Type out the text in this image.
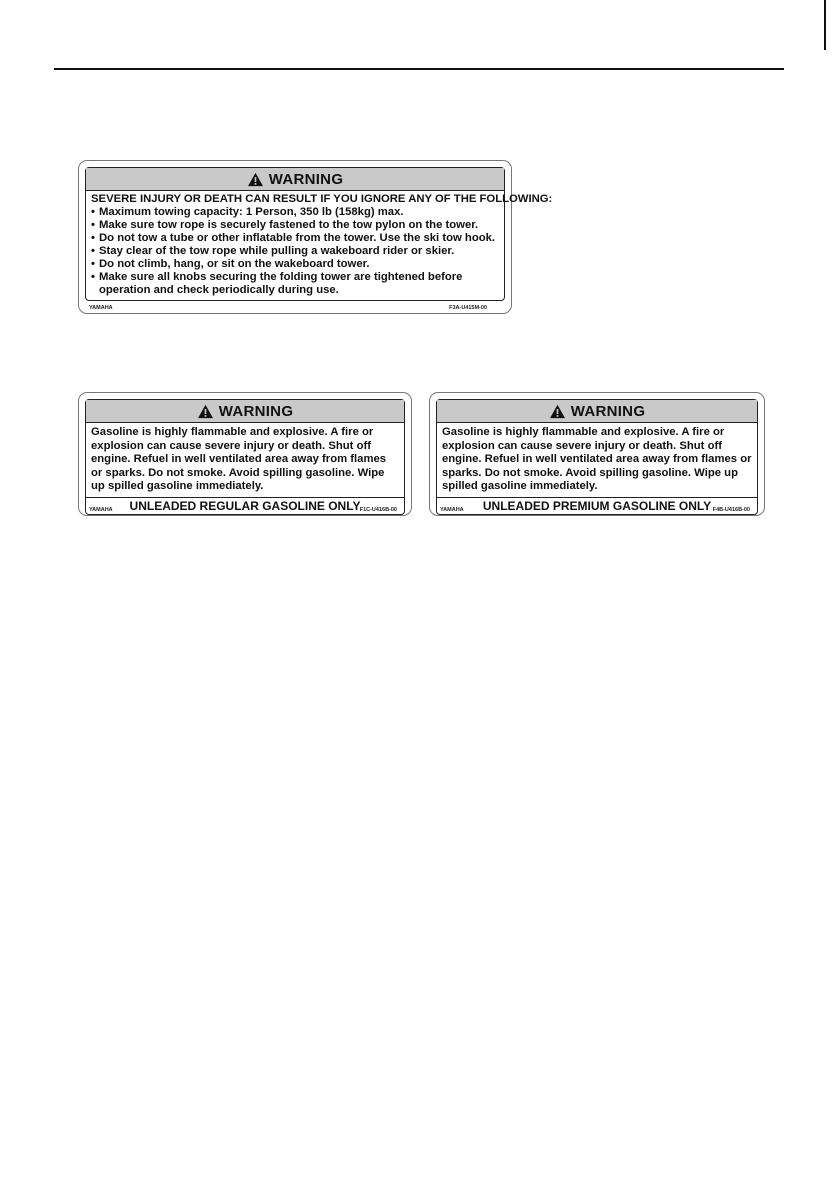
WARNING
SEVERE INJURY OR DEATH CAN RESULT IF YOU IGNORE ANY OF THE FOLLOWING:
• Maximum towing capacity: 1 Person, 350 lb (158kg) max.
• Make sure tow rope is securely fastened to the tow pylon on the tower.
• Do not tow a tube or other inflatable from the tower. Use the ski tow hook.
• Stay clear of the tow rope while pulling a wakeboard rider or skier.
• Do not climb, hang, or sit on the wakeboard tower.
• Make sure all knobs securing the folding tower are tightened before operation and check periodically during use.
YAMAHA	F3A-U415M-00
WARNING
Gasoline is highly flammable and explosive. A fire or explosion can cause severe injury or death. Shut off engine. Refuel in well ventilated area away from flames or sparks. Do not smoke. Avoid spilling gasoline. Wipe up spilled gasoline immediately.
UNLEADED REGULAR GASOLINE ONLY
YAMAHA	F1C-U416B-00
WARNING
Gasoline is highly flammable and explosive. A fire or explosion can cause severe injury or death. Shut off engine. Refuel in well ventilated area away from flames or sparks. Do not smoke. Avoid spilling gasoline. Wipe up spilled gasoline immediately.
UNLEADED PREMIUM GASOLINE ONLY
YAMAHA	F4B-U416B-00
